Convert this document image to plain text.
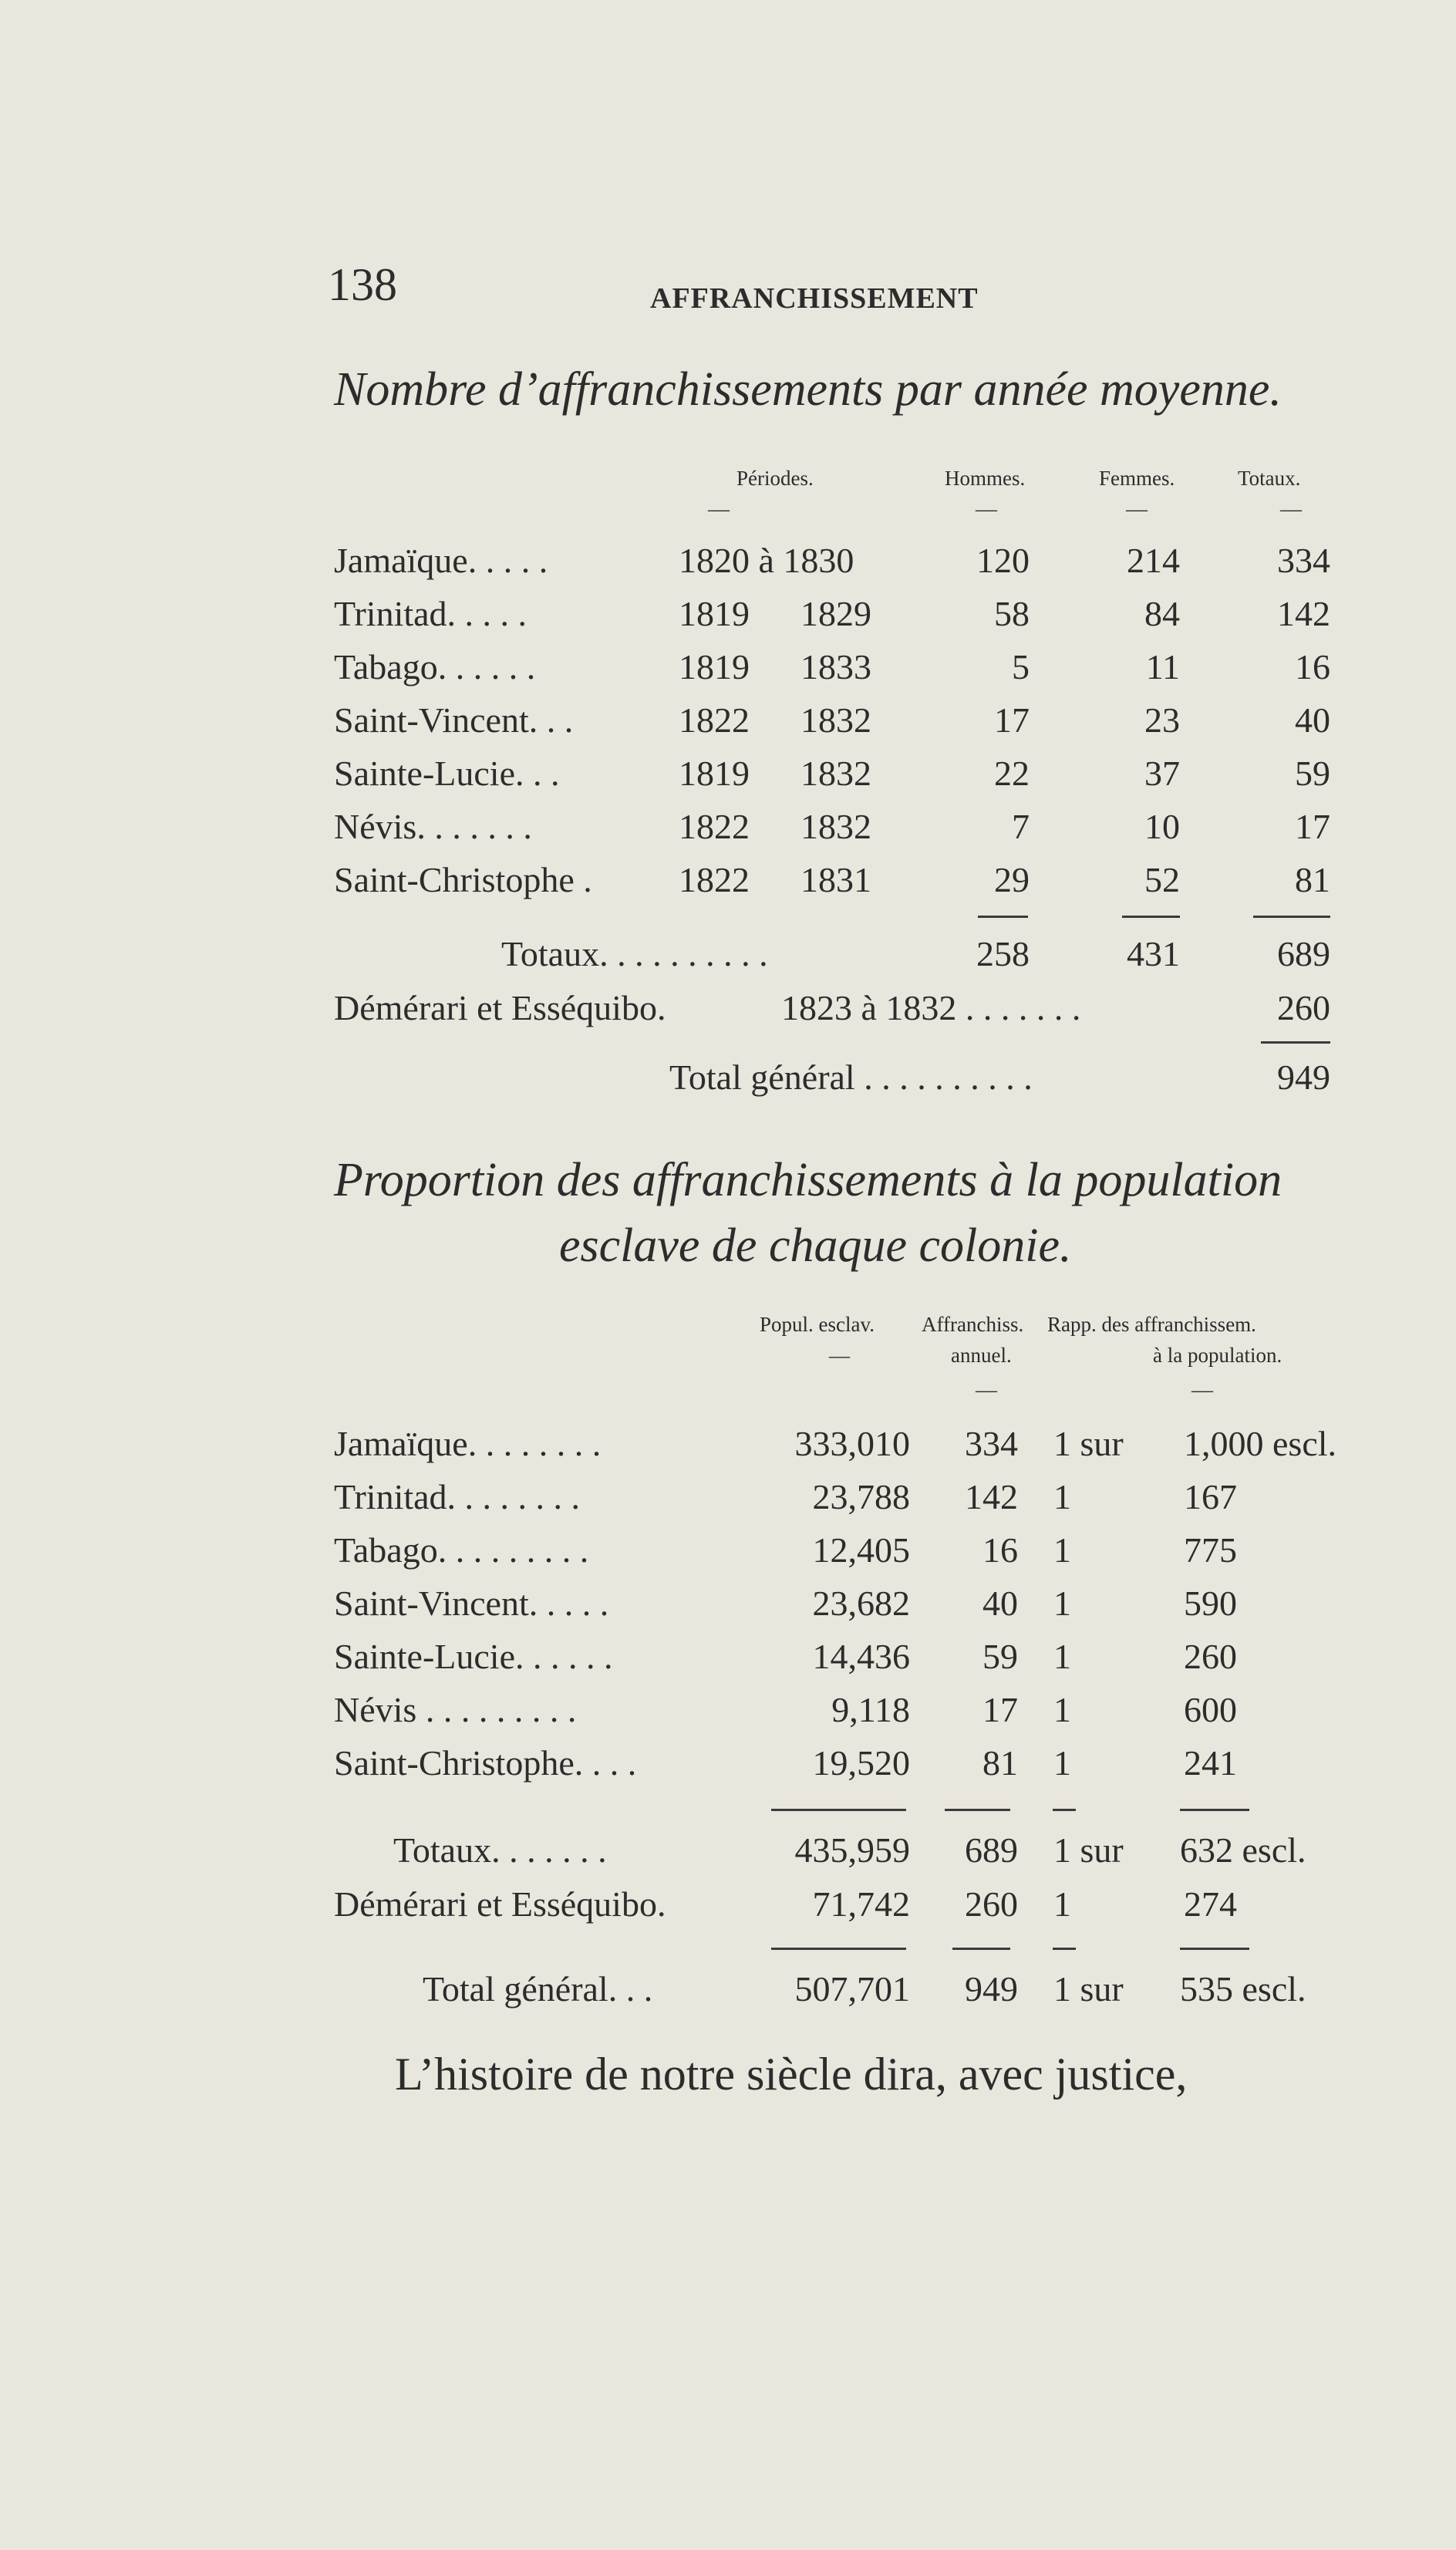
138	AFFRANCHISSEMENT
Nombre d’affranchissements par année moyenne.
Périodes.	Hommes.	Femmes.	Totaux.
—	—	—	—
Jamaïque. . . . .	1820 à 1830	120	214	334
Trinitad. . . . .	1819 1829	58	84	142
Tabago. . . . . .	1819 1833	5	11	16
Saint-Vincent. . .	1822 1832	17	23	40
Sainte-Lucie. . .	1819 1832	22	37	59
Névis. . . . . . .	1822 1832	7	10	17
Saint-Christophe . 1822 1831	29	52	81
Totaux. . . . . . . . . .	258	431	689
Démérari et Esséquibo.	1823 à 1832 . . . . . . .	260
Total général . . . . . . . . . .	949
Proportion des affranchissements à la population
esclave de chaque colonie.
Popul. esclav. Affranchiss. Rapp. des affranchissem.
—	annuel.	à la population.
—	—
Jamaïque. . . . . . . .	333,010	334 1 sur 1,000 escl.
Trinitad. . . . . . . .	23,788	142 1	167
Tabago. . . . . . . . .	12,405	16 1	775
Saint-Vincent. . . . .	23,682	40 1	590
Sainte-Lucie. . . . . .	14,436	59 1	260
Névis . . . . . . . . .	9,118	17 1	600
Saint-Christophe. . . .	19,520	81 1	241
Totaux. . . . . . .	435,959	689 1 sur 632 escl.
Démérari et Esséquibo.	71,742	260 1	274
Total général. . .	507,701	949 1 sur 535 escl.
L’histoire de notre siècle dira, avec justice,
